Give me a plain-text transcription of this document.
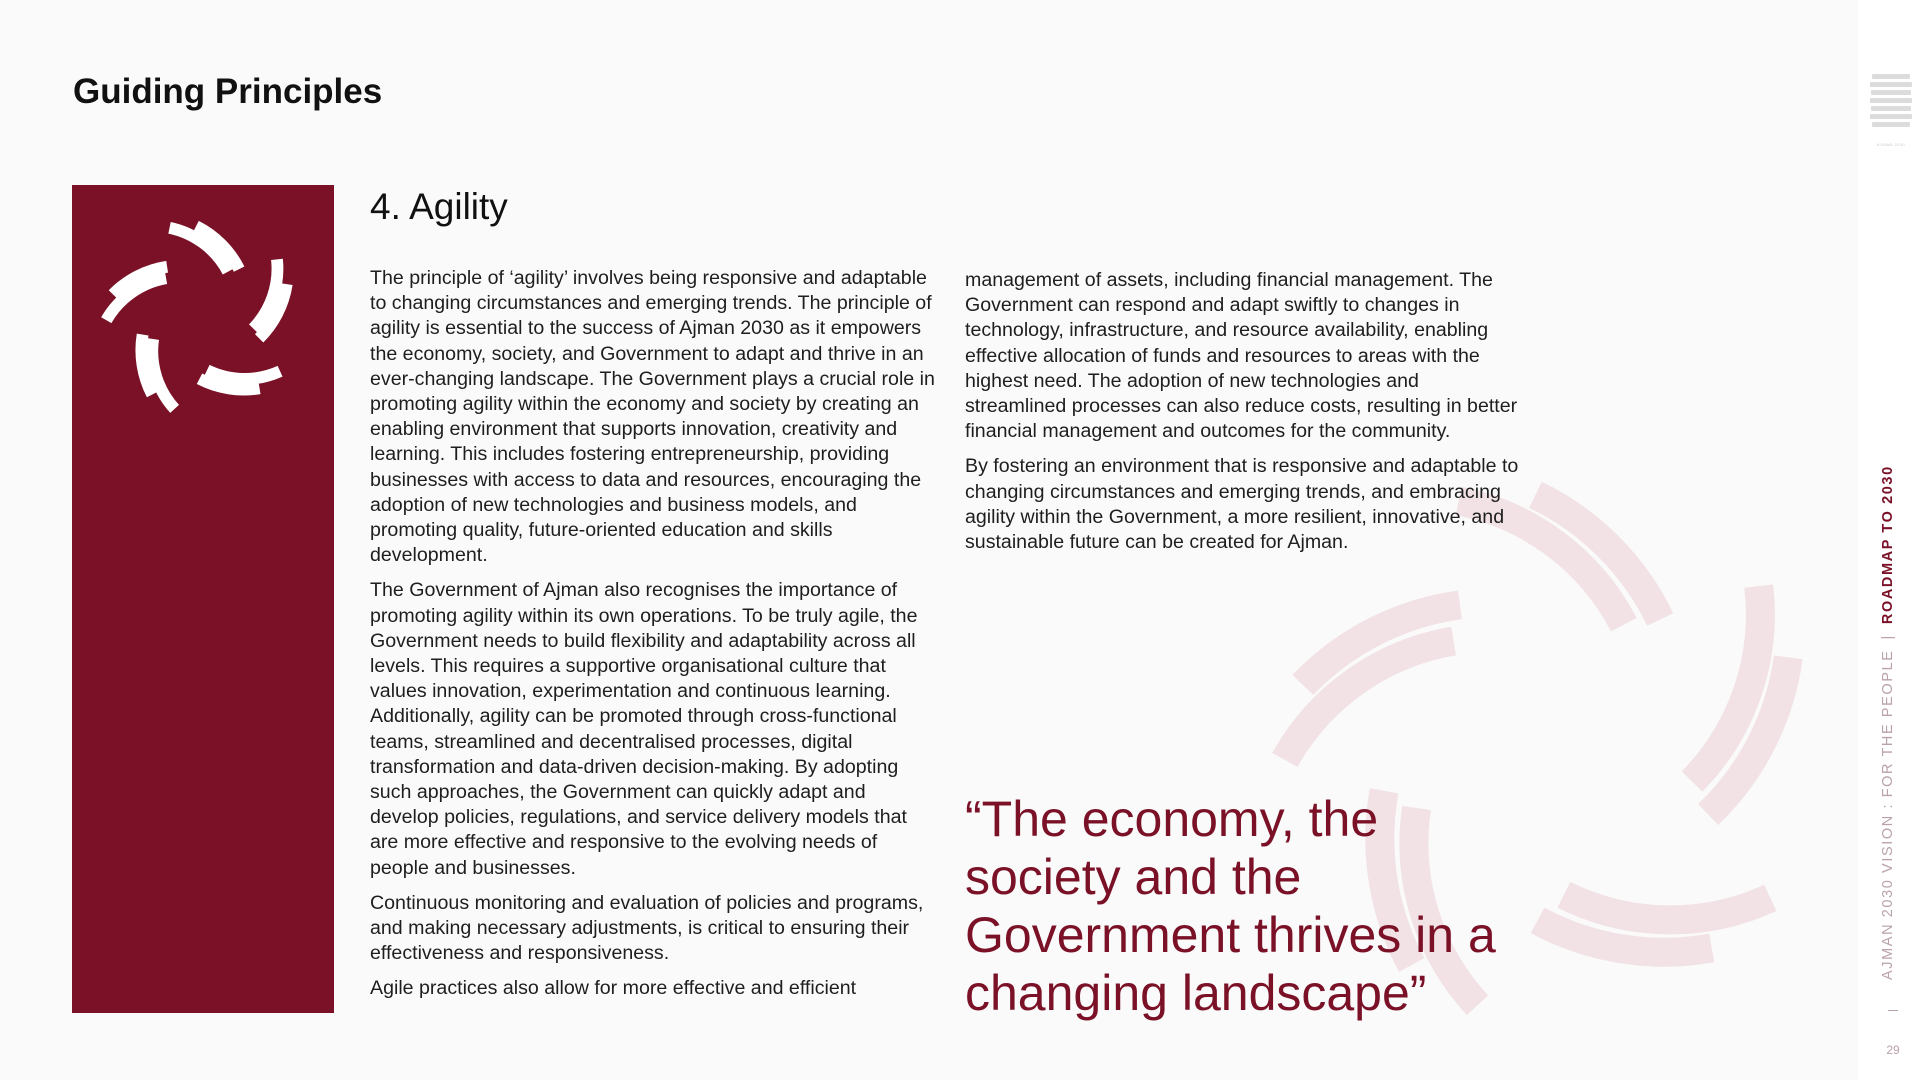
Guiding Principles
4. Agility

The principle of ‘agility’ involves being responsive and adaptable to changing circumstances and emerging trends. The principle of agility is essential to the success of Ajman 2030 as it empowers the economy, society, and Government to adapt and thrive in an ever-changing landscape. The Government plays a crucial role in promoting agility within the economy and society by creating an enabling environment that supports innovation, creativity and learning. This includes fostering entrepreneurship, providing businesses with access to data and resources, encouraging the adoption of new technologies and business models, and promoting quality, future-oriented education and skills development.

The Government of Ajman also recognises the importance of promoting agility within its own operations. To be truly agile, the Government needs to build flexibility and adaptability across all levels. This requires a supportive organisational culture that values innovation, experimentation and continuous learning. Additionally, agility can be promoted through cross-functional teams, streamlined and decentralised processes, digital transformation and data-driven decision-making. By adopting such approaches, the Government can quickly adapt and develop policies, regulations, and service delivery models that are more effective and responsive to the evolving needs of people and businesses.

Continuous monitoring and evaluation of policies and programs, and making necessary adjustments, is critical to ensuring their effectiveness and responsiveness.

Agile practices also allow for more effective and efficient

management of assets, including financial management. The Government can respond and adapt swiftly to changes in technology, infrastructure, and resource availability, enabling effective allocation of funds and resources to areas with the highest need. The adoption of new technologies and streamlined processes can also reduce costs, resulting in better financial management and outcomes for the community.

By fostering an environment that is responsive and adaptable to changing circumstances and emerging trends, and embracing agility within the Government, a more resilient, innovative, and sustainable future can be created for Ajman.

“The economy, the society and the Government thrives in a changing landscape”

AJMAN 2030
AJMAN 2030 VISION : FOR THE PEOPLE|ROADMAP TO 2030
29
